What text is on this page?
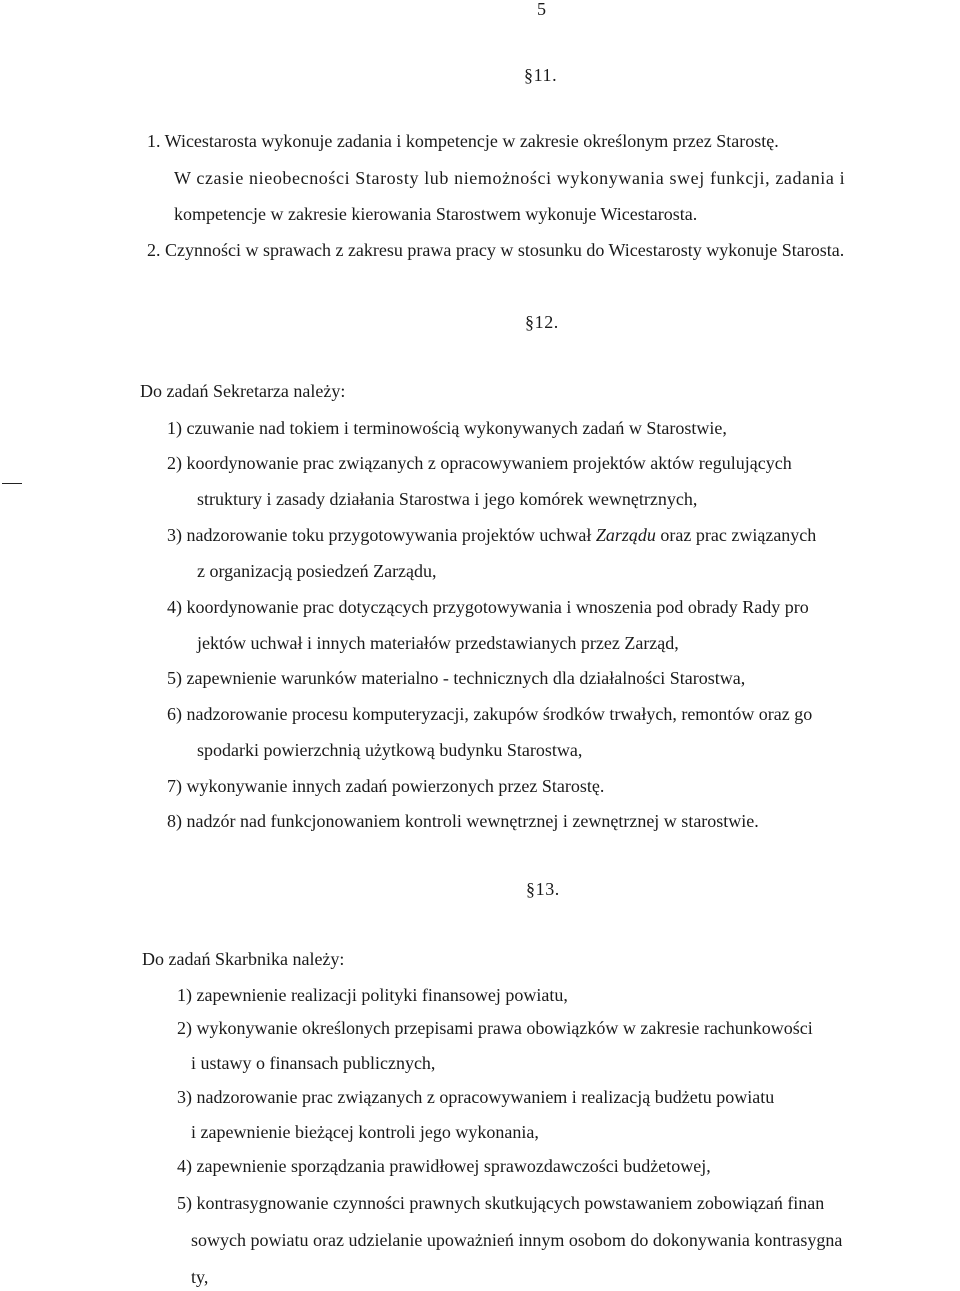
5
§11.
1. Wicestarosta wykonuje zadania i kompetencje w zakresie określonym przez Starostę.
W czasie nieobecności Starosty lub niemożności wykonywania swej funkcji, zadania i
kompetencje w zakresie kierowania Starostwem wykonuje Wicestarosta.
2. Czynności w sprawach z zakresu prawa pracy w stosunku do Wicestarosty wykonuje Starosta.
§12.
Do zadań Sekretarza należy:
1) czuwanie nad tokiem i terminowością wykonywanych zadań w Starostwie,
2) koordynowanie prac związanych z opracowywaniem projektów aktów regulujących
struktury i zasady działania Starostwa i jego komórek wewnętrznych,
3) nadzorowanie toku przygotowywania projektów uchwał Zarządu oraz prac związanych
z organizacją posiedzeń Zarządu,
4) koordynowanie prac dotyczących przygotowywania i wnoszenia pod obrady Rady pro
jektów uchwał i innych materiałów przedstawianych przez Zarząd,
5) zapewnienie warunków materialno - technicznych dla działalności Starostwa,
6) nadzorowanie procesu komputeryzacji, zakupów środków trwałych, remontów oraz go
spodarki powierzchnią użytkową budynku Starostwa,
7) wykonywanie innych zadań powierzonych przez Starostę.
8) nadzór nad funkcjonowaniem kontroli wewnętrznej i zewnętrznej w starostwie.
§13.
Do zadań Skarbnika należy:
1) zapewnienie realizacji polityki finansowej powiatu,
2) wykonywanie określonych przepisami prawa obowiązków w zakresie rachunkowości
i ustawy o finansach publicznych,
3) nadzorowanie prac związanych z opracowywaniem i realizacją budżetu powiatu
i zapewnienie bieżącej kontroli jego wykonania,
4) zapewnienie sporządzania prawidłowej sprawozdawczości budżetowej,
5) kontrasygnowanie czynności prawnych skutkujących powstawaniem zobowiązań finan
sowych powiatu oraz udzielanie upoważnień innym osobom do dokonywania kontrasygna
ty,
